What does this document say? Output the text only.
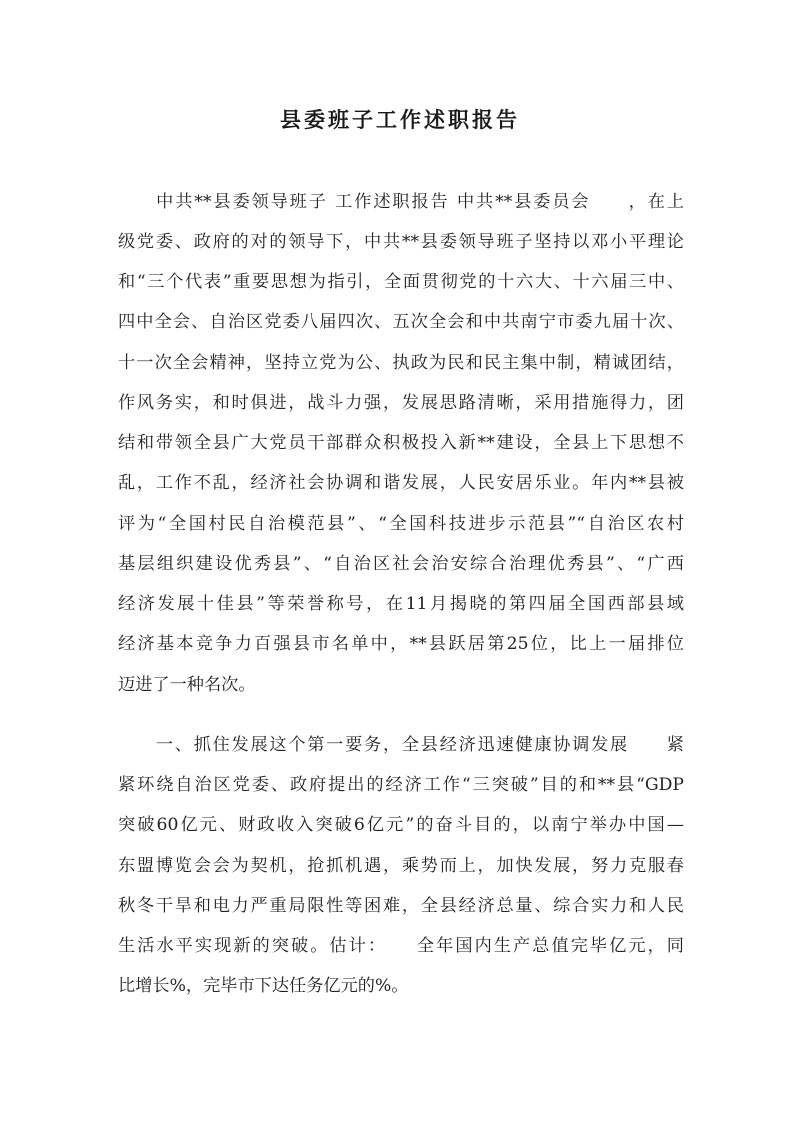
县委班子工作述职报告
　　中共**县委领导班子 工作述职报告 中共**县委员会　　，在上
级党委、政府的对的领导下，中共**县委领导班子坚持以邓小平理论
和“三个代表”重要思想为指引，全面贯彻党的十六大、十六届三中、
四中全会、自治区党委八届四次、五次全会和中共南宁市委九届十次、
十一次全会精神，坚持立党为公、执政为民和民主集中制，精诚团结，
作风务实，和时俱进，战斗力强，发展思路清晰，采用措施得力，团
结和带领全县广大党员干部群众积极投入新**建设，全县上下思想不
乱，工作不乱，经济社会协调和谐发展，人民安居乐业。年内**县被
评为“全国村民自治模范县”、“全国科技进步示范县”“自治区农村
基层组织建设优秀县”、“自治区社会治安综合治理优秀县”、“广西
经济发展十佳县”等荣誉称号，在11月揭晓的第四届全国西部县域
经济基本竞争力百强县市名单中，**县跃居第25位，比上一届排位
迈进了一种名次。
　　一、抓住发展这个第一要务，全县经济迅速健康协调发展　　紧
紧环绕自治区党委、政府提出的经济工作“三突破”目的和**县“GDP
突破60亿元、财政收入突破6亿元”的奋斗目的，以南宁举办中国—
东盟博览会会为契机，抢抓机遇，乘势而上，加快发展，努力克服春
秋冬干旱和电力严重局限性等困难，全县经济总量、综合实力和人民
生活水平实现新的突破。估计：　　全年国内生产总值完毕亿元，同
比增长%，完毕市下达任务亿元的%。
